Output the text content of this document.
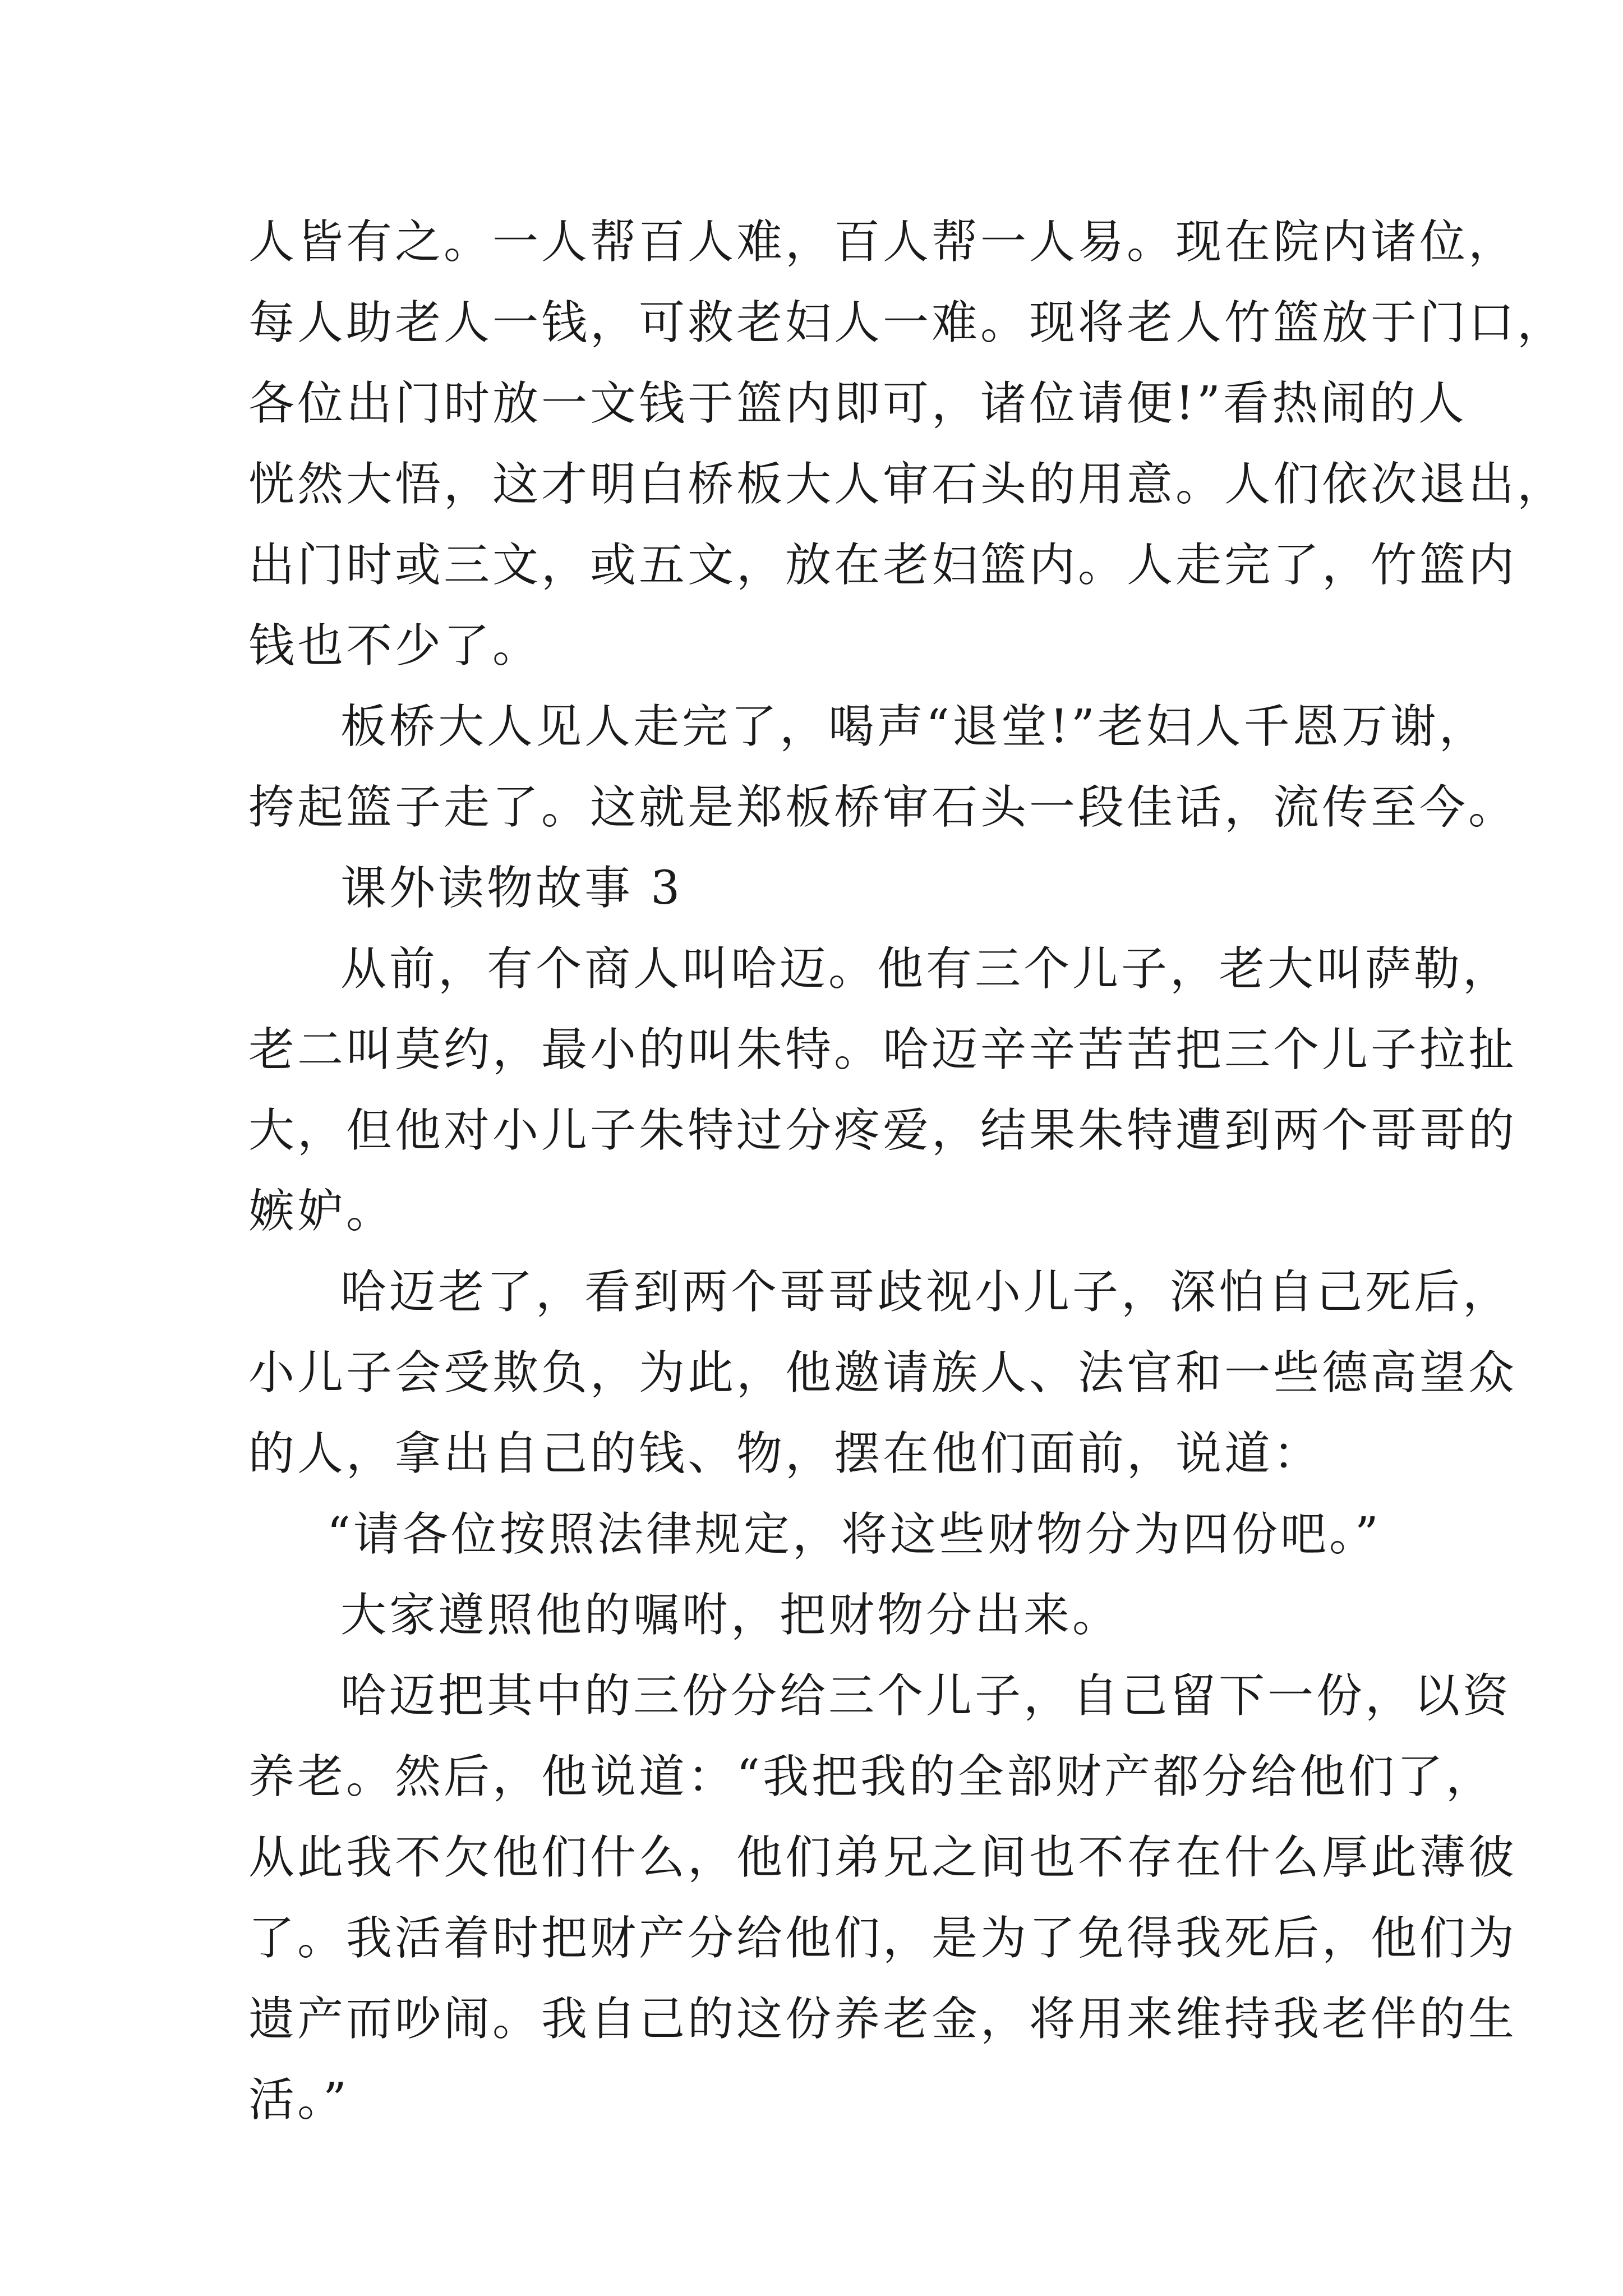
人皆有之。一人帮百人难，百人帮一人易。现在院内诸位，
每人助老人一钱，可救老妇人一难。现将老人竹篮放于门口，
各位出门时放一文钱于篮内即可，诸位请便!”看热闹的人
恍然大悟，这才明白桥板大人审石头的用意。人们依次退出，
出门时或三文，或五文，放在老妇篮内。人走完了，竹篮内
钱也不少了。
板桥大人见人走完了，喝声“退堂!”老妇人千恩万谢，
挎起篮子走了。这就是郑板桥审石头一段佳话，流传至今。
课外读物故事 3
从前，有个商人叫哈迈。他有三个儿子，老大叫萨勒，
老二叫莫约，最小的叫朱特。哈迈辛辛苦苦把三个儿子拉扯
大，但他对小儿子朱特过分疼爱，结果朱特遭到两个哥哥的
嫉妒。
哈迈老了，看到两个哥哥歧视小儿子，深怕自己死后，
小儿子会受欺负，为此，他邀请族人、法官和一些德高望众
的人，拿出自己的钱、物，摆在他们面前，说道：
“请各位按照法律规定，将这些财物分为四份吧。”
大家遵照他的嘱咐，把财物分出来。
哈迈把其中的三份分给三个儿子，自己留下一份，以资
养老。然后，他说道：“我把我的全部财产都分给他们了，
从此我不欠他们什么，他们弟兄之间也不存在什么厚此薄彼
了。我活着时把财产分给他们，是为了免得我死后，他们为
遗产而吵闹。我自己的这份养老金，将用来维持我老伴的生
活。”
